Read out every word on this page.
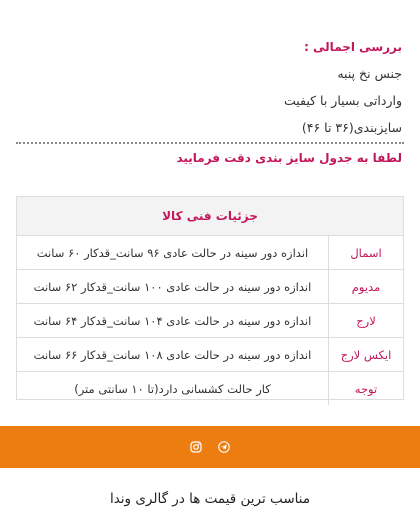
بررسی اجمالی :
جنس نخ پنبه
وارداتی بسیار با کیفیت
سایزبندی(۳۶ تا ۴۶)
لطفا به جدول سایز بندی دقت فرمایید
جزئیات فنی کالا
اسمال	اندازه دور سینه در حالت عادی ۹۶ سانت_قدکار ۶۰ سانت
مدیوم	اندازه دور سینه در حالت عادی ۱۰۰ سانت_قدکار ۶۲ سانت
لارج	اندازه دور سینه در حالت عادی ۱۰۴ سانت_قدکار ۶۴ سانت
ایکس لارج	اندازه دور سینه در حالت عادی ۱۰۸ سانت_قدکار ۶۶ سانت
توجه	کار حالت کشسانی دارد(تا ۱۰ سانتی متر)
مناسب ترین قیمت ها در گالری وندا
